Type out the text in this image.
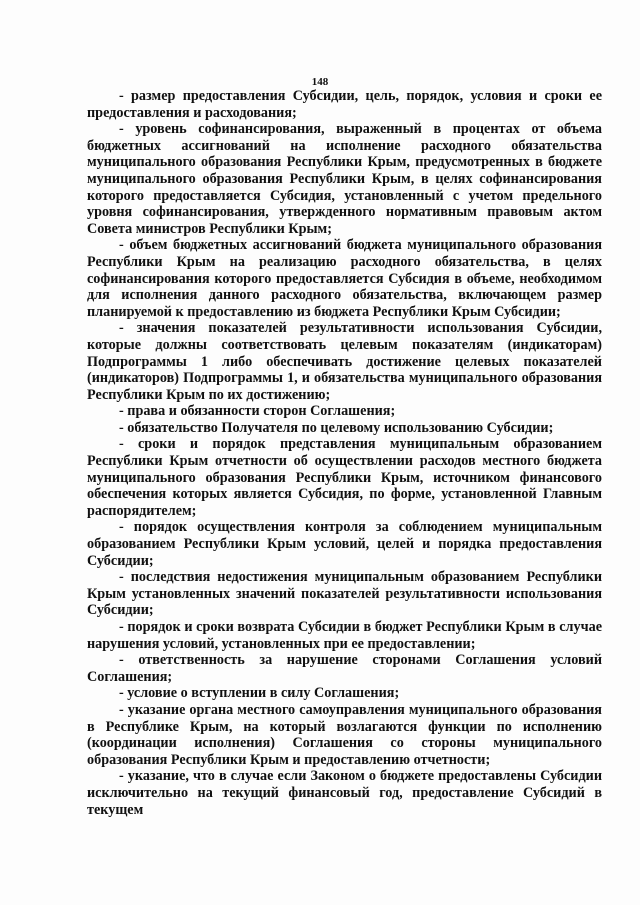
148

- размер предоставления Субсидии, цель, порядок, условия и сроки ее предоставления и расходования;

- уровень софинансирования, выраженный в процентах от объема бюджетных ассигнований на исполнение расходного обязательства муниципального образования Республики Крым, предусмотренных в бюджете муниципального образования Республики Крым, в целях софинансирования которого предоставляется Субсидия, установленный с учетом предельного уровня софинансирования, утвержденного нормативным правовым актом Совета министров Республики Крым;

- объем бюджетных ассигнований бюджета муниципального образования Республики Крым на реализацию расходного обязательства, в целях софинансирования которого предоставляется Субсидия в объеме, необходимом для исполнения данного расходного обязательства, включающем размер планируемой к предоставлению из бюджета Республики Крым Субсидии;

- значения показателей результативности использования Субсидии, которые должны соответствовать целевым показателям (индикаторам) Подпрограммы 1 либо обеспечивать достижение целевых показателей (индикаторов) Подпрограммы 1, и обязательства муниципального образования Республики Крым по их достижению;

- права и обязанности сторон Соглашения;

- обязательство Получателя по целевому использованию Субсидии;

- сроки и порядок представления муниципальным образованием Республики Крым отчетности об осуществлении расходов местного бюджета муниципального образования Республики Крым, источником финансового обеспечения которых является Субсидия, по форме, установленной Главным распорядителем;

- порядок осуществления контроля за соблюдением муниципальным образованием Республики Крым условий, целей и порядка предоставления Субсидии;

- последствия недостижения муниципальным образованием Республики Крым установленных значений показателей результативности использования Субсидии;

- порядок и сроки возврата Субсидии в бюджет Республики Крым в случае нарушения условий, установленных при ее предоставлении;

- ответственность за нарушение сторонами Соглашения условий Соглашения;

- условие о вступлении в силу Соглашения;

- указание органа местного самоуправления муниципального образования в Республике Крым, на который возлагаются функции по исполнению (координации исполнения) Соглашения со стороны муниципального образования Республики Крым и предоставлению отчетности;

- указание, что в случае если Законом о бюджете предоставлены Субсидии исключительно на текущий финансовый год, предоставление Субсидий в текущем
